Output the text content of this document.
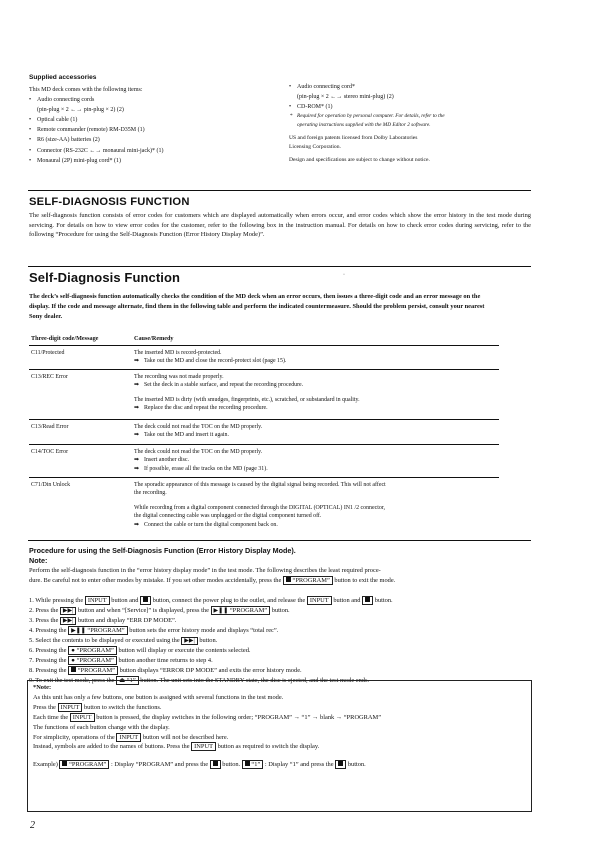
Supplied accessories
This MD deck comes with the following items:
• Audio connecting cords
(pin-plug × 2 ←→ pin-plug × 2) (2)
• Optical cable (1)
• Remote commander (remote) RM-D35M (1)
• R6 (size-AA) batteries (2)
• Connector (RS-232C ←→ monaural mini-jack)* (1)
• Monaural (2P) mini-plug cord* (1)
• Audio connecting cord*
(pin-plug × 2 ←→ stereo mini-plug) (2)
• CD-ROM* (1)
* Required for operation by personal computer. For details, refer to the
operating instructions supplied with the MD Editor 2 software.
US and foreign patents licensed from Dolby Laboratories
Licensing Corporation.
Design and specifications are subject to change without notice.
SELF-DIAGNOSIS FUNCTION
The self-diagnosis function consists of error codes for customers which are displayed automatically when errors occur, and error codes which show the error history in the test mode during servicing. For details on how to view error codes for the customer, refer to the following box in the instruction manual. For details on how to check error codes during servicing, refer to the following “Procedure for using the Self-Diagnosis Function (Error History Display Mode)”.
Self-Diagnosis Function	·
The deck’s self-diagnosis function automatically checks the condition of the MD deck when an error occurs, then issues a three-digit code and an error message on the display. If the code and message alternate, find them in the following table and perform the indicated countermeasure. Should the problem persist, consult your nearest Sony dealer.
Three-digit code/Message	Cause/Remedy
C11/Protected	The inserted MD is record-protected.
➡ Take out the MD and close the record-protect slot (page 15).
C13/REC Error	The recording was not made properly.
➡ Set the deck in a stable surface, and repeat the recording procedure.
The inserted MD is dirty (with smudges, fingerprints, etc.), scratched, or substandard in quality.
➡ Replace the disc and repeat the recording procedure.
C13/Read Error	The deck could not read the TOC on the MD properly.
➡ Take out the MD and insert it again.
C14/TOC Error	The deck could not read the TOC on the MD properly.
➡ Insert another disc.
➡ If possible, erase all the tracks on the MD (page 31).
C71/Din Unlock	The sporadic appearance of this message is caused by the digital signal being recorded. This will not affect
the recording.
While recording from a digital component connected through the DIGITAL (OPTICAL) IN1 /2 connector,
the digital connecting cable was unplugged or the digital component turned off.
➡ Connect the cable or turn the digital component back on.
Procedure for using the Self-Diagnosis Function (Error History Display Mode).
Note:
Perform the self-diagnosis function in the “error history display mode” in the test mode. The following describes the least required proce-
dure. Be careful not to enter other modes by mistake. If you set other modes accidentally, press the “PROGRAM” button to exit the mode.
1. While pressing the INPUT button and button, connect the power plug to the outlet, and release the INPUT button and button.
2. Press the ▶▶| button and when “[Service]” is displayed, press the ▶❚❚ “PROGRAM” button.
3. Press the ▶▶| button and display “ERR DP MODE”.
4. Pressing the ▶❚❚ “PROGRAM” button sets the error history mode and displays “total rec”.
5. Select the contents to be displayed or executed using the ▶▶| button.
6. Pressing the ● “PROGRAM” button will display or execute the contents selected.
7. Pressing the ● “PROGRAM” button another time returns to step 4.
8. Pressing the “PROGRAM” button displays “ERROR DP MODE” and exits the error history mode.
9. To exit the test mode, press the ⏏ “1” button. The unit sets into the STANDBY state, the disc is ejected, and the test mode ends.
*Note:
As this unit has only a few buttons, one button is assigned with several functions in the test mode.
Press the INPUT button to switch the functions.
Each time the INPUT button is pressed, the display switches in the following order; “PROGRAM” → “1” → blank → “PROGRAM”
The functions of each button change with the display.
For simplicity, operations of the INPUT button will not be described here.
Instead, symbols are added to the names of buttons. Press the INPUT button as required to switch the display.
Example) “PROGRAM” : Display “PROGRAM” and press the button. “1” : Display “1” and press the button.
2
